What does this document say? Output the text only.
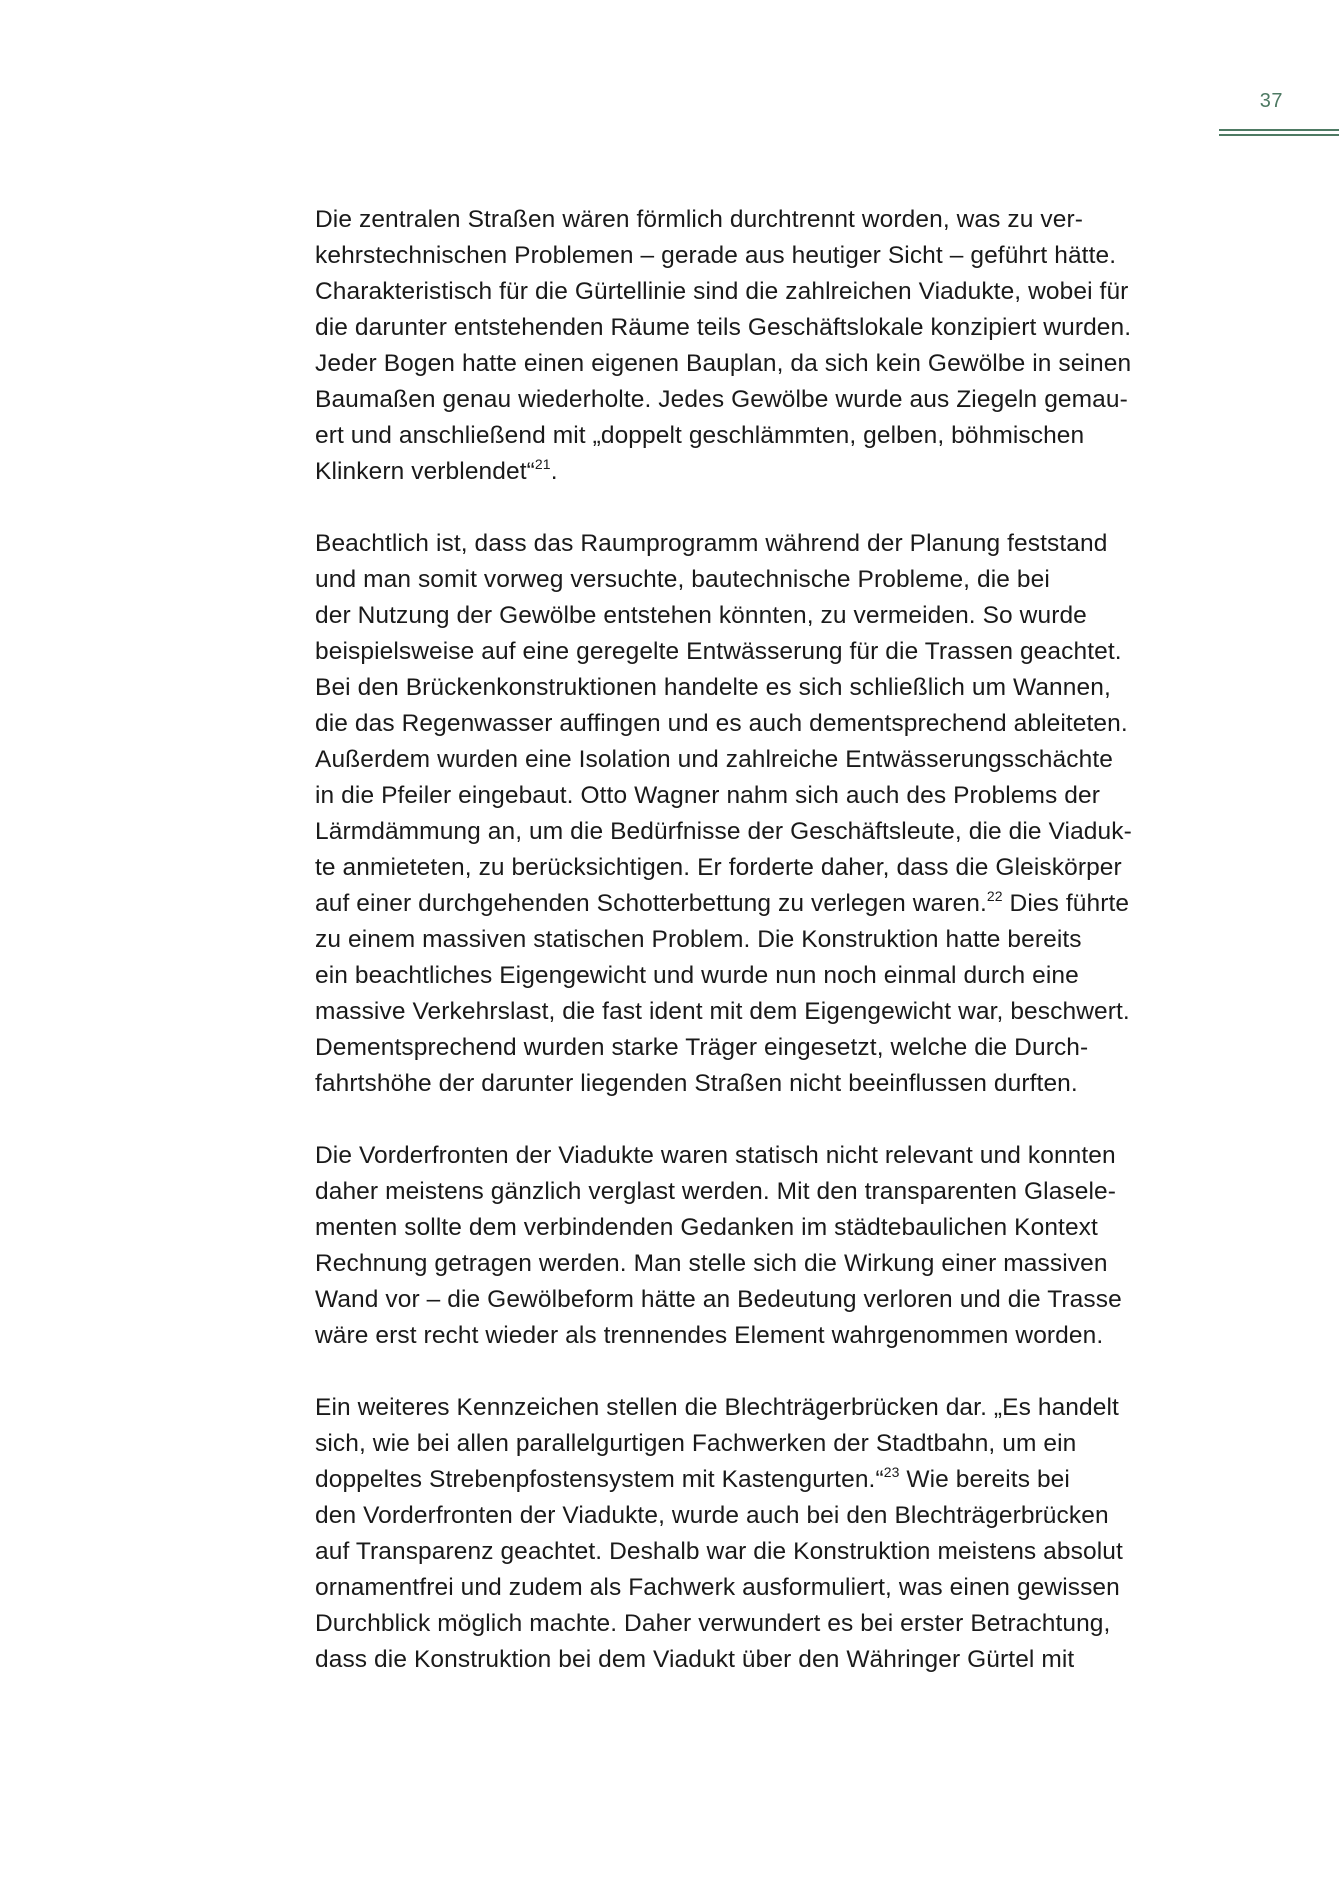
37
Die zentralen Straßen wären förmlich durchtrennt worden, was zu ver-
kehrstechnischen Problemen – gerade aus heutiger Sicht – geführt hätte.
Charakteristisch für die Gürtellinie sind die zahlreichen Viadukte, wobei für
die darunter entstehenden Räume teils Geschäftslokale konzipiert wurden.
Jeder Bogen hatte einen eigenen Bauplan, da sich kein Gewölbe in seinen
Baumaßen genau wiederholte. Jedes Gewölbe wurde aus Ziegeln gemau-
ert und anschließend mit „doppelt geschlämmten, gelben, böhmischen
Klinkern verblendet“$^{21}$.
Beachtlich ist, dass das Raumprogramm während der Planung feststand
und man somit vorweg versuchte, bautechnische Probleme, die bei
der Nutzung der Gewölbe entstehen könnten, zu vermeiden. So wurde
beispielsweise auf eine geregelte Entwässerung für die Trassen geachtet.
Bei den Brückenkonstruktionen handelte es sich schließlich um Wannen,
die das Regenwasser auffingen und es auch dementsprechend ableiteten.
Außerdem wurden eine Isolation und zahlreiche Entwässerungsschächte
in die Pfeiler eingebaut. Otto Wagner nahm sich auch des Problems der
Lärmdämmung an, um die Bedürfnisse der Geschäftsleute, die die Viaduk-
te anmieteten, zu berücksichtigen. Er forderte daher, dass die Gleiskörper
auf einer durchgehenden Schotterbettung zu verlegen waren.$^{22}$ Dies führte
zu einem massiven statischen Problem. Die Konstruktion hatte bereits
ein beachtliches Eigengewicht und wurde nun noch einmal durch eine
massive Verkehrslast, die fast ident mit dem Eigengewicht war, beschwert.
Dementsprechend wurden starke Träger eingesetzt, welche die Durch-
fahrtshöhe der darunter liegenden Straßen nicht beeinflussen durften.
Die Vorderfronten der Viadukte waren statisch nicht relevant und konnten
daher meistens gänzlich verglast werden. Mit den transparenten Glasele-
menten sollte dem verbindenden Gedanken im städtebaulichen Kontext
Rechnung getragen werden. Man stelle sich die Wirkung einer massiven
Wand vor – die Gewölbeform hätte an Bedeutung verloren und die Trasse
wäre erst recht wieder als trennendes Element wahrgenommen worden.
Ein weiteres Kennzeichen stellen die Blechträgerbrücken dar. „Es handelt
sich, wie bei allen parallelgurtigen Fachwerken der Stadtbahn, um ein
doppeltes Strebenpfostensystem mit Kastengurten.“$^{23}$ Wie bereits bei
den Vorderfronten der Viadukte, wurde auch bei den Blechträgerbrücken
auf Transparenz geachtet. Deshalb war die Konstruktion meistens absolut
ornamentfrei und zudem als Fachwerk ausformuliert, was einen gewissen
Durchblick möglich machte. Daher verwundert es bei erster Betrachtung,
dass die Konstruktion bei dem Viadukt über den Währinger Gürtel mit
